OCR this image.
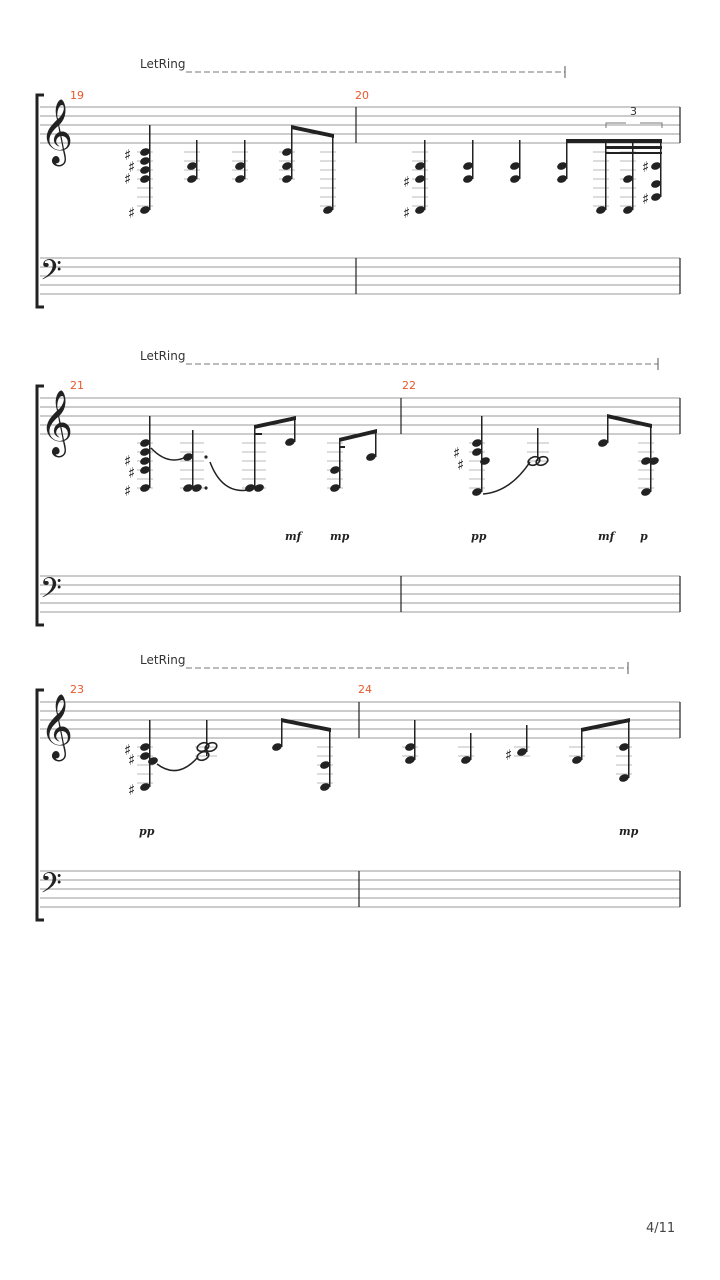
LetRing
𝄞
19	20
♯
♯
♯
♯
♯
♯
♯
♯
3
𝄢
LetRing
𝄞
21	22
♯
♯
♯
♯
♯
mf	mp	pp	mf p
𝄢
LetRing
𝄞
23	24
♯
♯
♯
♯
pp	mp
𝄢
4/11
